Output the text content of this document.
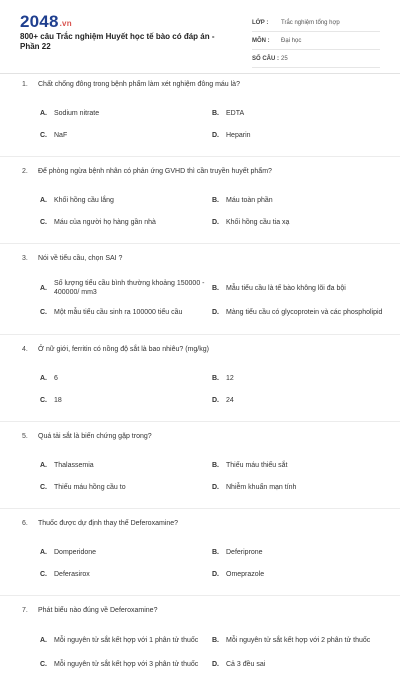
2048.vn
800+ câu Trắc nghiệm Huyết học tế bào có đáp án - Phần 22
LỚP :	Trắc nghiệm tổng hợp
MÔN :	Đại học
SỐ CÂU : 25
1.	Chất chống đông trong bệnh phẩm làm xét nghiệm đông máu là?
A.	Sodium nitrate	B.	EDTA
C.	NaF	D.	Heparin
2.	Để phòng ngừa bệnh nhân có phản ứng GVHD thì cần truyền huyết phẩm?
A.	Khối hồng cầu lắng	B.	Máu toàn phần
C.	Máu của người họ hàng gần nhà	D.	Khối hồng cầu tia xạ
3.	Nói về tiểu cầu, chọn SAI ?
A.
Số lượng tiểu cầu bình thường khoảng 150000 - 400000/ mm3
B.	Mẫu tiểu cầu là tế bào không lõi đa bội
C.	Một mẫu tiểu cầu sinh ra 100000 tiểu cầu	D.	Màng tiểu cầu có glycoprotein và các phospholipid
4.	Ở nữ giới, ferritin có nồng độ sắt là bao nhiêu? (mg/kg)
A.	6	B.	12
C.	18	D.	24
5.	Quá tải sắt là biến chứng gặp trong?
A.	Thalassemia	B.	Thiếu máu thiếu sắt
C.	Thiếu máu hồng cầu to	D.	Nhiễm khuẩn mạn tính
6.	Thuốc được dự định thay thế Deferoxamine?
A.	Domperidone	B.	Deferiprone
C.	Deferasirox	D.	Omeprazole
7.	Phát biểu nào đúng về Deferoxamine?
A.	Mỗi nguyên tử sắt kết hợp với 1 phân tử thuốc	B.	Mỗi nguyên tử sắt kết hợp với 2 phân tử thuốc
C.	Mỗi nguyên tử sắt kết hợp với 3 phân tử thuốc	D.	Cả 3 đều sai
